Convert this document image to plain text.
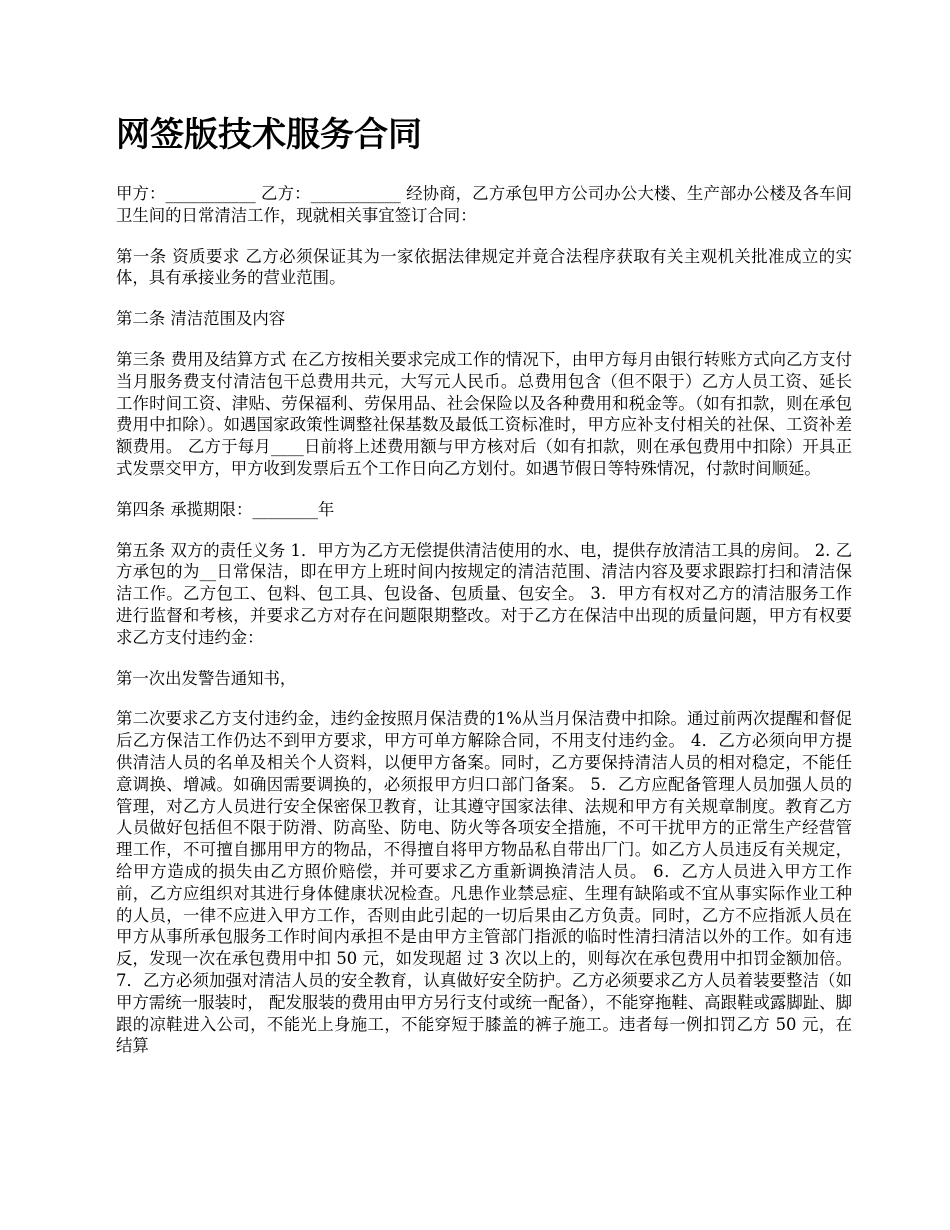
网签版技术服务合同

甲方：___________ 乙方：___________ 经协商，乙方承包甲方公司办公大楼、生产部办公楼及各车间卫生间的日常清洁工作，现就相关事宜签订合同：

第一条 资质要求 乙方必须保证其为一家依据法律规定并竟合法程序获取有关主观机关批准成立的实体，具有承接业务的营业范围。

第二条 清洁范围及内容

第三条 费用及结算方式 在乙方按相关要求完成工作的情况下，由甲方每月由银行转账方式向乙方支付当月服务费支付清洁包干总费用共元，大写元人民币。总费用包含（但不限于）乙方人员工资、延长工作时间工资、津贴、劳保福利、劳保用品、社会保险以及各种费用和税金等。（如有扣款，则在承包费用中扣除）。如遇国家政策性调整社保基数及最低工资标准时，甲方应补支付相关的社保、工资补差额费用。 乙方于每月____日前将上述费用额与甲方核对后（如有扣款，则在承包费用中扣除）开具正式发票交甲方，甲方收到发票后五个工作日向乙方划付。如遇节假日等特殊情况，付款时间顺延。

第四条 承揽期限：________年

第五条 双方的责任义务 1．甲方为乙方无偿提供清洁使用的水、电，提供存放清洁工具的房间。 2. 乙方承包的为__日常保洁，即在甲方上班时间内按规定的清洁范围、清洁内容及要求跟踪打扫和清洁保洁工作。乙方包工、包料、包工具、包设备、包质量、包安全。 3．甲方有权对乙方的清洁服务工作进行监督和考核，并要求乙方对存在问题限期整改。对于乙方在保洁中出现的质量问题，甲方有权要求乙方支付违约金：

第一次出发警告通知书，

第二次要求乙方支付违约金，违约金按照月保洁费的1%从当月保洁费中扣除。通过前两次提醒和督促后乙方保洁工作仍达不到甲方要求，甲方可单方解除合同，不用支付违约金。 4．乙方必须向甲方提供清洁人员的名单及相关个人资料，以便甲方备案。同时，乙方要保持清洁人员的相对稳定，不能任意调换、增减。如确因需要调换的，必须报甲方归口部门备案。 5．乙方应配备管理人员加强人员的管理，对乙方人员进行安全保密保卫教育，让其遵守国家法律、法规和甲方有关规章制度。教育乙方人员做好包括但不限于防滑、防高坠、防电、防火等各项安全措施，不可干扰甲方的正常生产经营管理工作，不可擅自挪用甲方的物品，不得擅自将甲方物品私自带出厂门。如乙方人员违反有关规定，给甲方造成的损失由乙方照价赔偿，并可要求乙方重新调换清洁人员。 6．乙方人员进入甲方工作前，乙方应组织对其进行身体健康状况检查。凡患作业禁忌症、生理有缺陷或不宜从事实际作业工种的人员，一律不应进入甲方工作，否则由此引起的一切后果由乙方负责。同时，乙方不应指派人员在甲方从事所承包服务工作时间内承担不是由甲方主管部门指派的临时性清扫清洁以外的工作。如有违反，发现一次在承包费用中扣 50 元，如发现超 过 3 次以上的，则每次在承包费用中扣罚金额加倍。 7．乙方必须加强对清洁人员的安全教育，认真做好安全防护。乙方必须要求乙方人员着装要整洁（如甲方需统一服装时， 配发服装的费用由甲方另行支付或统一配备），不能穿拖鞋、高跟鞋或露脚趾、脚跟的凉鞋进入公司，不能光上身施工，不能穿短于膝盖的裤子施工。违者每一例扣罚乙方 50 元，在结算
